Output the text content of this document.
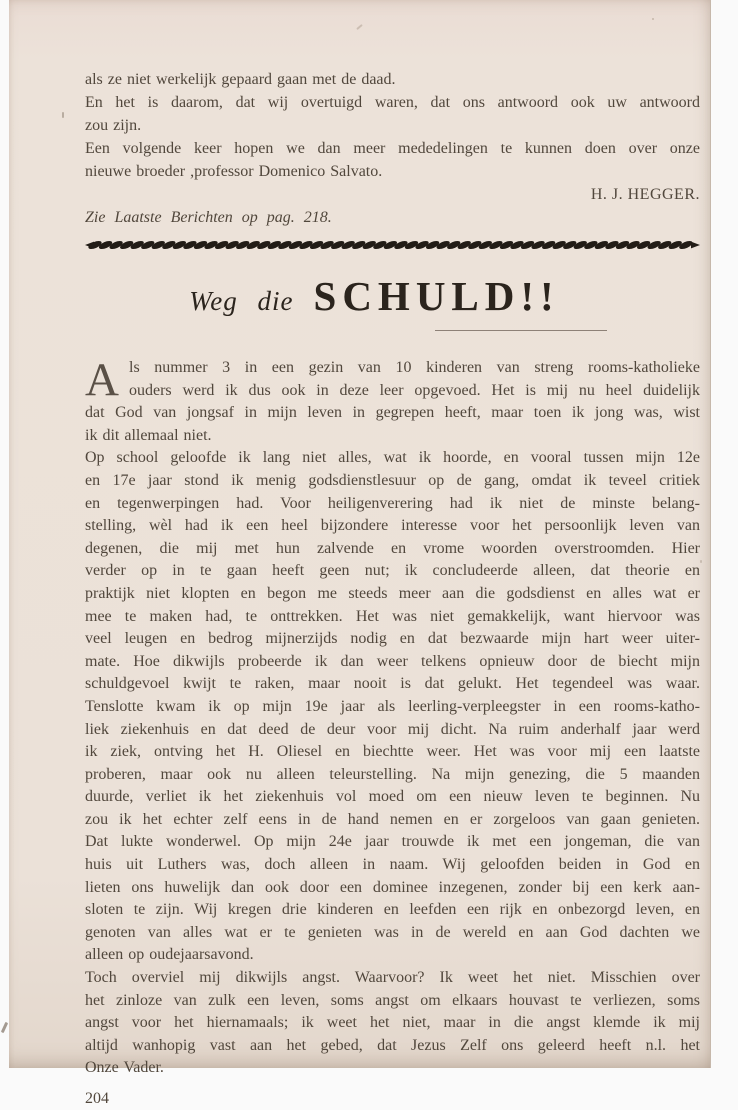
als ze niet werkelijk gepaard gaan met de daad.
En het is daarom, dat wij overtuigd waren, dat ons antwoord ook uw antwoord
zou zijn.
Een volgende keer hopen we dan meer mededelingen te kunnen doen over onze
nieuwe broeder ,professor Domenico Salvato.
H. J. HEGGER.
Zie Laatste Berichten op pag. 218.
Weg die SCHULD!!
A ls nummer 3 in een gezin van 10 kinderen van streng rooms-katholieke
ouders werd ik dus ook in deze leer opgevoed. Het is mij nu heel duidelijk
dat God van jongsaf in mijn leven in gegrepen heeft, maar toen ik jong was, wist
ik dit allemaal niet.
Op school geloofde ik lang niet alles, wat ik hoorde, en vooral tussen mijn 12e
en 17e jaar stond ik menig godsdienstlesuur op de gang, omdat ik teveel critiek
en tegenwerpingen had. Voor heiligenverering had ik niet de minste belang-
stelling, wèl had ik een heel bijzondere interesse voor het persoonlijk leven van
degenen, die mij met hun zalvende en vrome woorden overstroomden. Hier
verder op in te gaan heeft geen nut; ik concludeerde alleen, dat theorie en
praktijk niet klopten en begon me steeds meer aan die godsdienst en alles wat er
mee te maken had, te onttrekken. Het was niet gemakkelijk, want hiervoor was
veel leugen en bedrog mijnerzijds nodig en dat bezwaarde mijn hart weer uiter-
mate. Hoe dikwijls probeerde ik dan weer telkens opnieuw door de biecht mijn
schuldgevoel kwijt te raken, maar nooit is dat gelukt. Het tegendeel was waar.
Tenslotte kwam ik op mijn 19e jaar als leerling-verpleegster in een rooms-katho-
liek ziekenhuis en dat deed de deur voor mij dicht. Na ruim anderhalf jaar werd
ik ziek, ontving het H. Oliesel en biechtte weer. Het was voor mij een laatste
proberen, maar ook nu alleen teleurstelling. Na mijn genezing, die 5 maanden
duurde, verliet ik het ziekenhuis vol moed om een nieuw leven te beginnen. Nu
zou ik het echter zelf eens in de hand nemen en er zorgeloos van gaan genieten.
Dat lukte wonderwel. Op mijn 24e jaar trouwde ik met een jongeman, die van
huis uit Luthers was, doch alleen in naam. Wij geloofden beiden in God en
lieten ons huwelijk dan ook door een dominee inzegenen, zonder bij een kerk aan-
sloten te zijn. Wij kregen drie kinderen en leefden een rijk en onbezorgd leven, en
genoten van alles wat er te genieten was in de wereld en aan God dachten we
alleen op oudejaarsavond.
Toch overviel mij dikwijls angst. Waarvoor? Ik weet het niet. Misschien over
het zinloze van zulk een leven, soms angst om elkaars houvast te verliezen, soms
angst voor het hiernamaals; ik weet het niet, maar in die angst klemde ik mij
altijd wanhopig vast aan het gebed, dat Jezus Zelf ons geleerd heeft n.l. het
Onze Vader.
204
